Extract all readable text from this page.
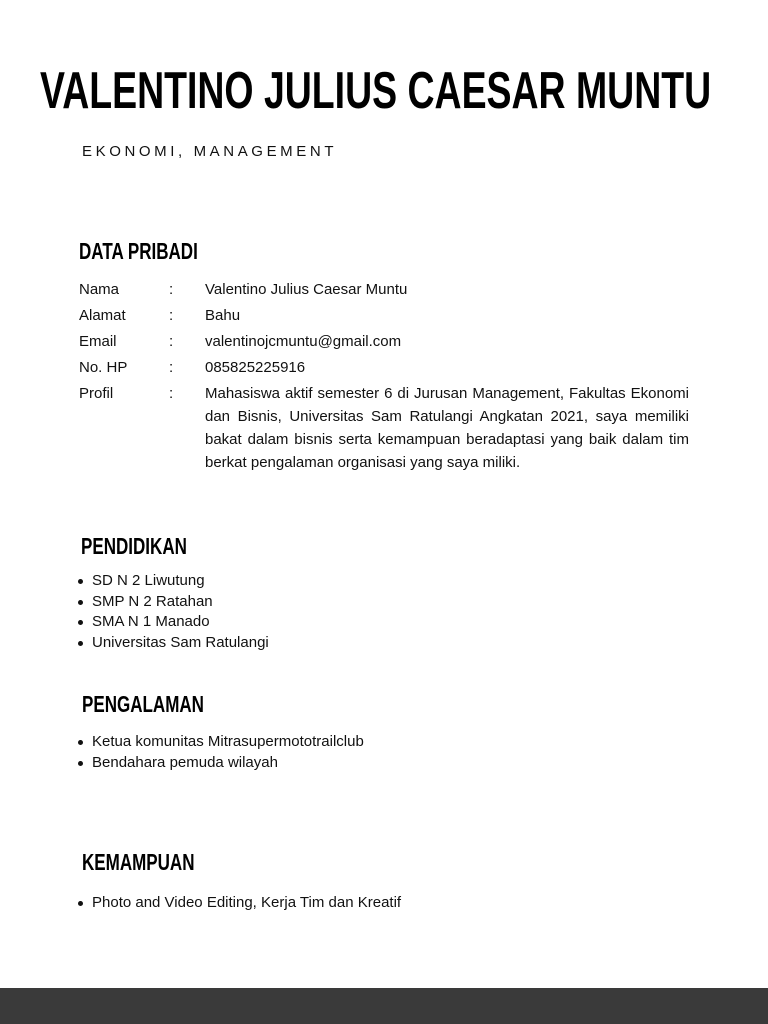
VALENTINO JULIUS CAESAR MUNTU
EKONOMI, MANAGEMENT
DATA PRIBADI
Nama	:	Valentino Julius Caesar Muntu
Alamat	:	Bahu
Email	:	valentinojcmuntu@gmail.com
No. HP	:	085825225916
Profil	:	Mahasiswa aktif semester 6 di Jurusan Management, Fakultas Ekonomi dan Bisnis, Universitas Sam Ratulangi Angkatan 2021, saya memiliki bakat dalam bisnis serta kemampuan beradaptasi yang baik dalam tim berkat pengalaman organisasi yang saya miliki.
PENDIDIKAN
SD N 2 Liwutung
SMP N 2 Ratahan
SMA N 1 Manado
Universitas Sam Ratulangi
PENGALAMAN
Ketua komunitas Mitrasupermototrailclub
Bendahara pemuda wilayah
KEMAMPUAN
Photo and Video Editing, Kerja Tim dan Kreatif
